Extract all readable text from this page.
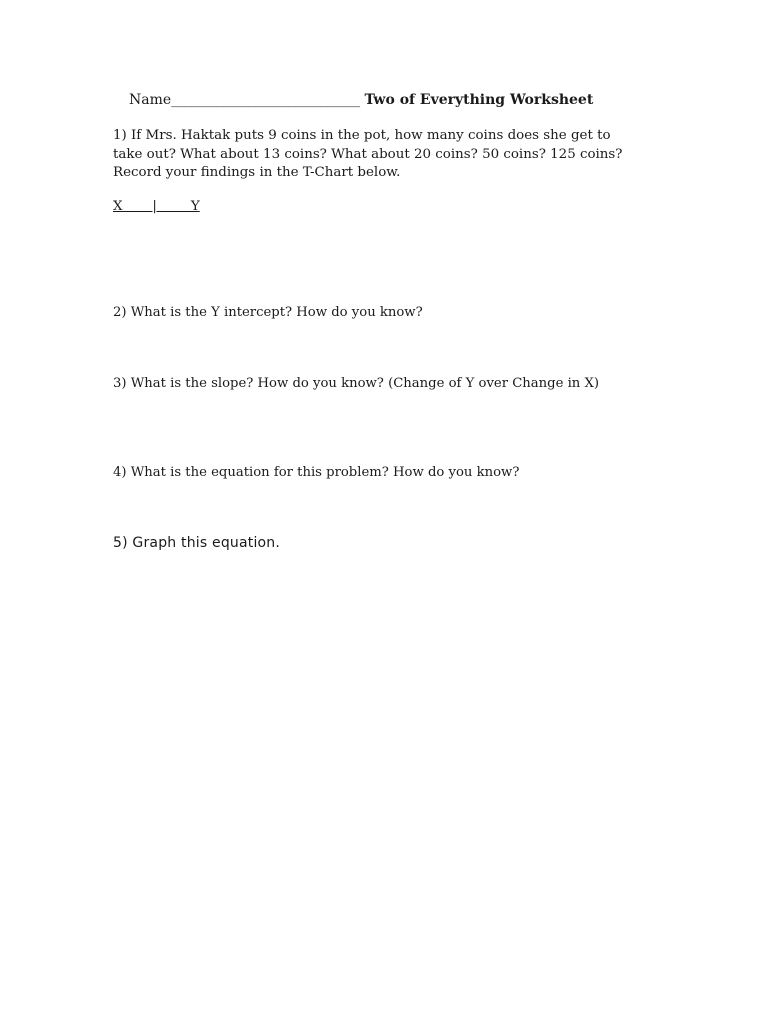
Name_____________________________ Two of Everything Worksheet
1) If Mrs. Haktak puts 9 coins in the pot, how many coins does she get to take out? What about 13 coins? What about 20 coins? 50 coins? 125 coins? Record your findings in the T-Chart below.
X       |        Y
2) What is the Y intercept? How do you know?
3) What is the slope? How do you know? (Change of Y over Change in X)
4) What is the equation for this problem? How do you know?
5) Graph this equation.
